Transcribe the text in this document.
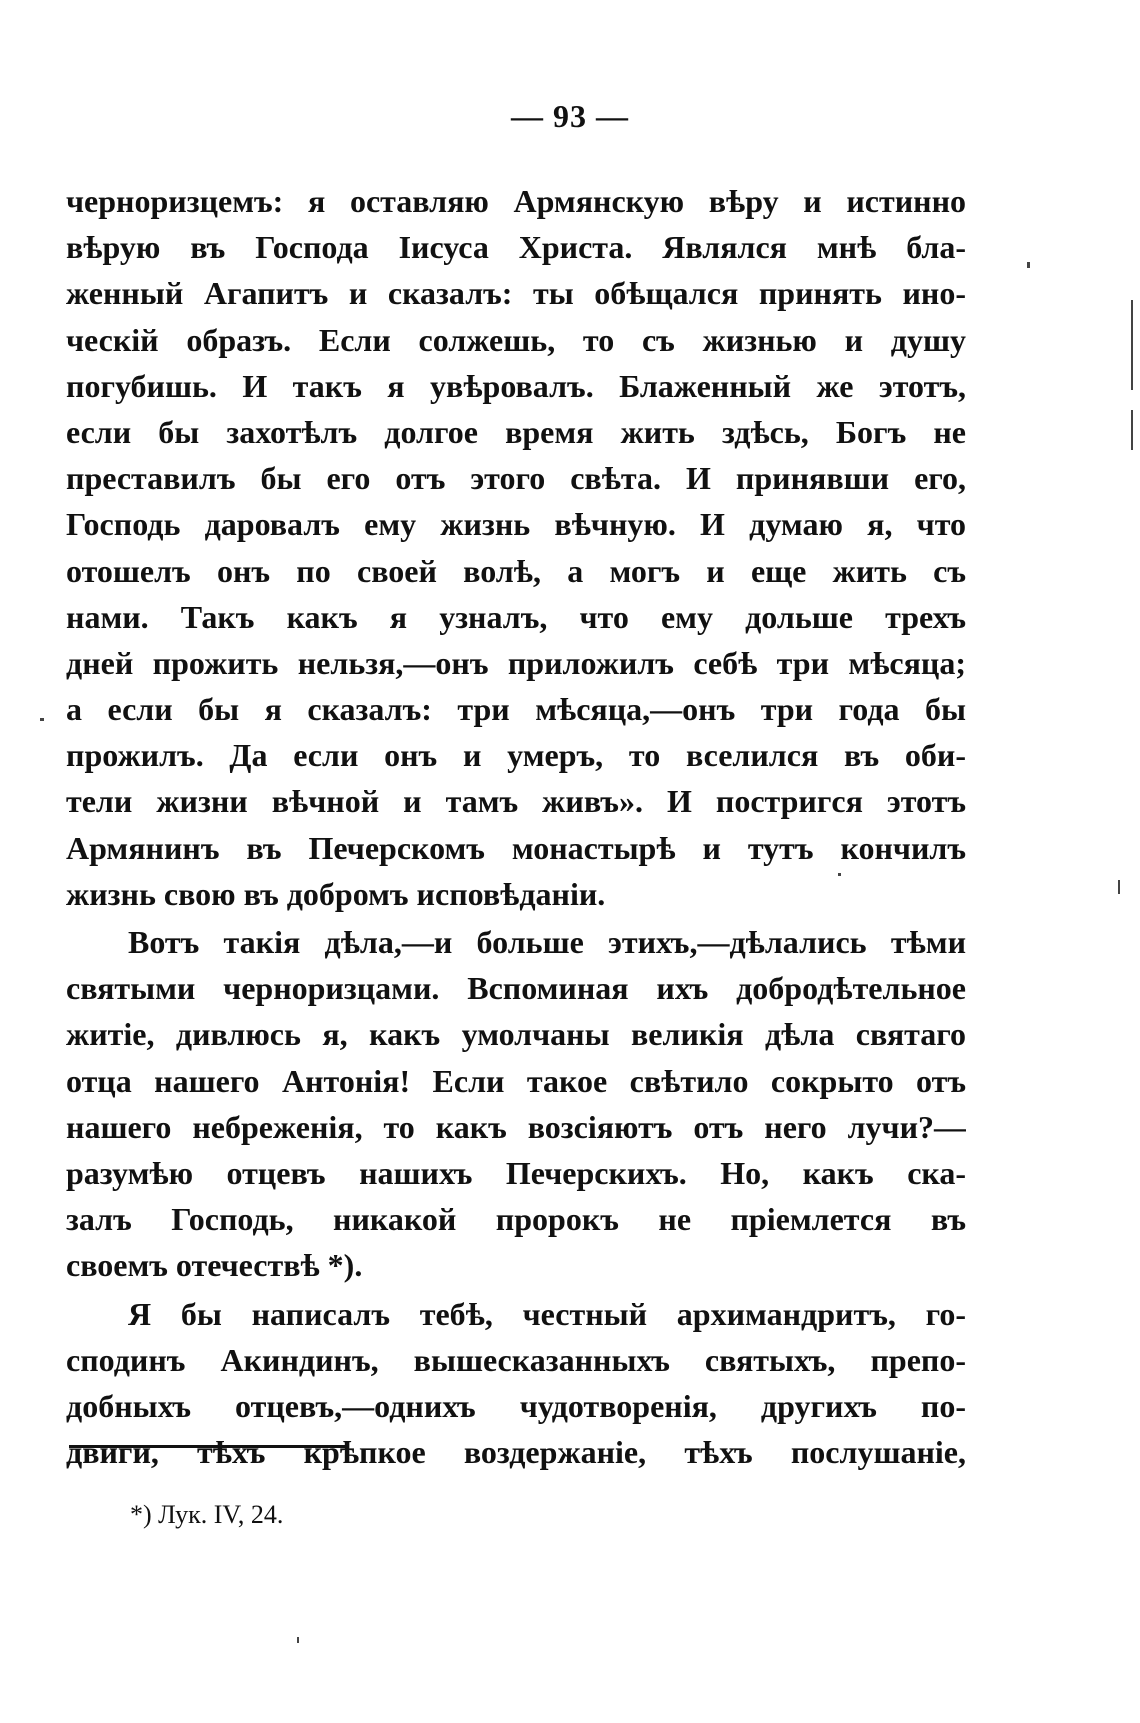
— 93 —
черноризцемъ: я оставляю Армянскую вѣру и истинно
вѣрую въ Господа Іисуса Христа. Являлся мнѣ бла-
женный Агапитъ и сказалъ: ты обѣщался принять ино-
ческій образъ. Если солжешь, то съ жизнью и душу
погубишь. И такъ я увѣровалъ. Блаженный же этотъ,
если бы захотѣлъ долгое время жить здѣсь, Богъ не
преставилъ бы его отъ этого свѣта. И принявши его,
Господь даровалъ ему жизнь вѣчную. И думаю я, что
отошелъ онъ по своей волѣ, а могъ и еще жить съ
нами. Такъ какъ я узналъ, что ему дольше трехъ
дней прожить нельзя,—онъ приложилъ себѣ три мѣсяца;
а если бы я сказалъ: три мѣсяца,—онъ три года бы
прожилъ. Да если онъ и умеръ, то вселился въ оби-
тели жизни вѣчной и тамъ живъ». И постригся этотъ
Армянинъ въ Печерскомъ монастырѣ и тутъ кончилъ
жизнь свою въ добромъ исповѣданіи.
Вотъ такія дѣла,—и больше этихъ,—дѣлались тѣми
святыми черноризцами. Вспоминая ихъ добродѣтельное
житіе, дивлюсь я, какъ умолчаны великія дѣла святаго
отца нашего Антонія! Если такое свѣтило сокрыто отъ
нашего небреженія, то какъ возсіяютъ отъ него лучи?—
разумѣю отцевъ нашихъ Печерскихъ. Но, какъ ска-
залъ Господь, никакой пророкъ не пріемлется въ
своемъ отечествѣ *).
Я бы написалъ тебѣ, честный архимандритъ, го-
сподинъ Акиндинъ, вышесказанныхъ святыхъ, препо-
добныхъ отцевъ,—однихъ чудотворенія, другихъ по-
двиги, тѣхъ крѣпкое воздержаніе, тѣхъ послушаніе,
*) Лук. IV, 24.
